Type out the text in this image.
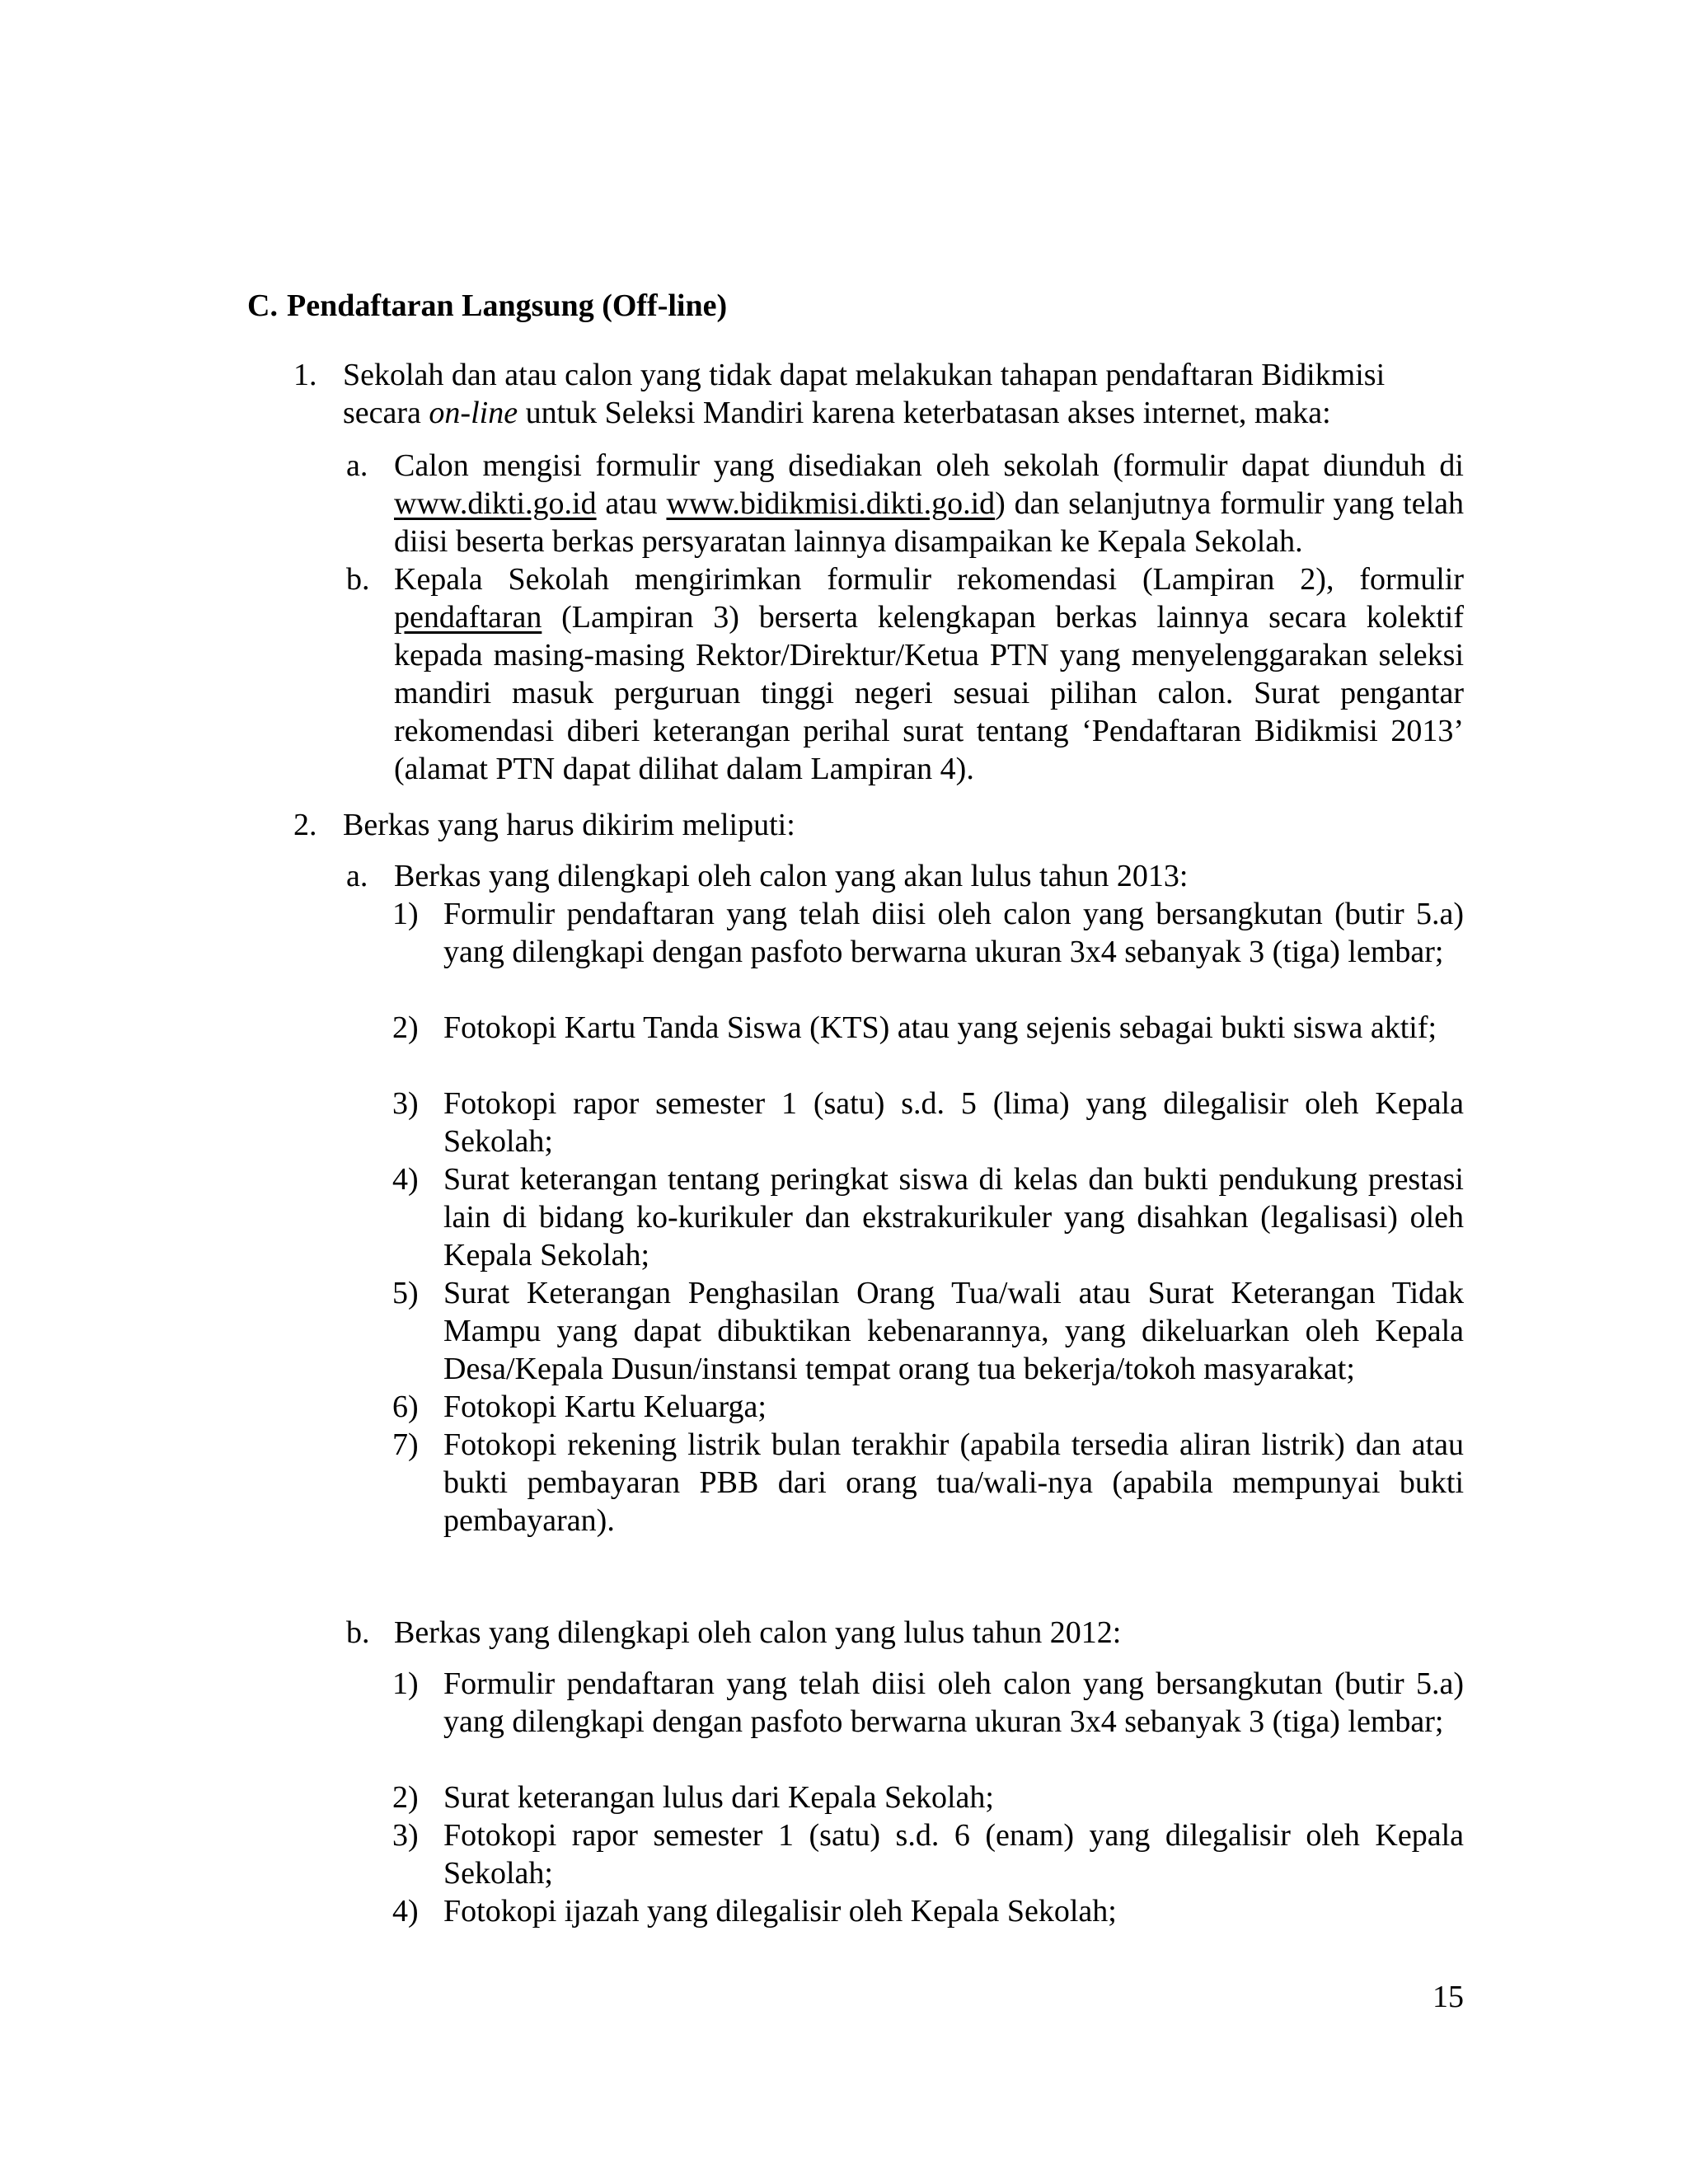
C. Pendaftaran Langsung (Off-line)
1. Sekolah dan atau calon yang tidak dapat melakukan tahapan pendaftaran Bidikmisi
secara on-line untuk Seleksi Mandiri karena keterbatasan akses internet, maka:
a. Calon mengisi formulir yang disediakan oleh sekolah (formulir dapat diunduh di www.dikti.go.id atau www.bidikmisi.dikti.go.id) dan selanjutnya formulir yang telah diisi beserta berkas persyaratan lainnya disampaikan ke Kepala Sekolah.
b. Kepala Sekolah mengirimkan formulir rekomendasi (Lampiran 2), formulir pendaftaran (Lampiran 3) berserta kelengkapan berkas lainnya secara kolektif kepada masing-masing Rektor/Direktur/Ketua PTN yang menyelenggarakan seleksi mandiri masuk perguruan tinggi negeri sesuai pilihan calon. Surat pengantar rekomendasi diberi keterangan perihal surat tentang ‘Pendaftaran Bidikmisi 2013’ (alamat PTN dapat dilihat dalam Lampiran 4).
2. Berkas yang harus dikirim meliputi:
a. Berkas yang dilengkapi oleh calon yang akan lulus tahun 2013:
1) Formulir pendaftaran yang telah diisi oleh calon yang bersangkutan (butir 5.a) yang dilengkapi dengan pasfoto berwarna ukuran 3x4 sebanyak 3 (tiga) lembar;
2) Fotokopi Kartu Tanda Siswa (KTS) atau yang sejenis sebagai bukti siswa aktif;
3) Fotokopi rapor semester 1 (satu) s.d. 5 (lima) yang dilegalisir oleh Kepala Sekolah;
4) Surat keterangan tentang peringkat siswa di kelas dan bukti pendukung prestasi lain di bidang ko-kurikuler dan ekstrakurikuler yang disahkan (legalisasi) oleh Kepala Sekolah;
5) Surat Keterangan Penghasilan Orang Tua/wali atau Surat Keterangan Tidak Mampu yang dapat dibuktikan kebenarannya, yang dikeluarkan oleh Kepala Desa/Kepala Dusun/instansi tempat orang tua bekerja/tokoh masyarakat;
6) Fotokopi Kartu Keluarga;
7) Fotokopi rekening listrik bulan terakhir (apabila tersedia aliran listrik) dan atau bukti pembayaran PBB dari orang tua/wali-nya (apabila mempunyai bukti pembayaran).
b. Berkas yang dilengkapi oleh calon yang lulus tahun 2012:
1) Formulir pendaftaran yang telah diisi oleh calon yang bersangkutan (butir 5.a) yang dilengkapi dengan pasfoto berwarna ukuran 3x4 sebanyak 3 (tiga) lembar;
2) Surat keterangan lulus dari Kepala Sekolah;
3) Fotokopi rapor semester 1 (satu) s.d. 6 (enam) yang dilegalisir oleh Kepala Sekolah;
4) Fotokopi ijazah yang dilegalisir oleh Kepala Sekolah;
15
